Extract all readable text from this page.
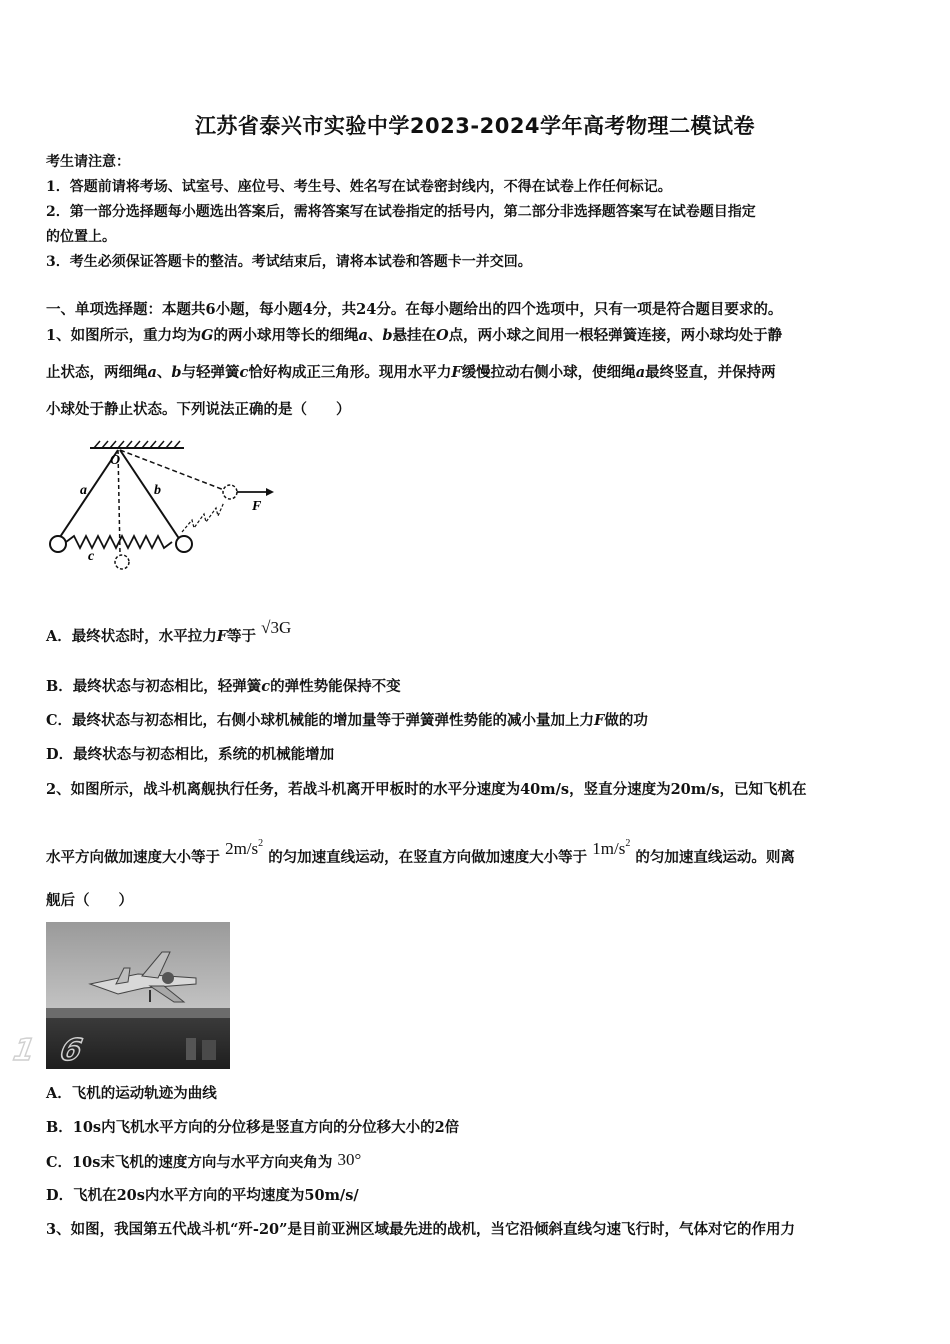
江苏省泰兴市实验中学2023-2024学年高考物理二模试卷
考生请注意：
1．答题前请将考场、试室号、座位号、考生号、姓名写在试卷密封线内，不得在试卷上作任何标记。
2．第一部分选择题每小题选出答案后，需将答案写在试卷指定的括号内，第二部分非选择题答案写在试卷题目指定
的位置上。
3．考生必须保证答题卡的整洁。考试结束后，请将本试卷和答题卡一并交回。
一、单项选择题：本题共6小题，每小题4分，共24分。在每小题给出的四个选项中，只有一项是符合题目要求的。
1、如图所示，重力均为G的两小球用等长的细绳a、b悬挂在O点，两小球之间用一根轻弹簧连接，两小球均处于静
止状态，两细绳a、b与轻弹簧c恰好构成正三角形。现用水平力F缓慢拉动右侧小球，使细绳a最终竖直，并保持两
小球处于静止状态。下列说法正确的是（　　）
O
a	b
c
F
A．最终状态时，水平拉力F等于 √3G
B．最终状态与初态相比，轻弹簧c的弹性势能保持不变
C．最终状态与初态相比，右侧小球机械能的增加量等于弹簧弹性势能的减小量加上力F做的功
D．最终状态与初态相比，系统的机械能增加
2、如图所示，战斗机离舰执行任务，若战斗机离开甲板时的水平分速度为40m/s，竖直分速度为20m/s，已知飞机在
水平方向做加速度大小等于 $2m/s^2$ 的匀加速直线运动，在竖直方向做加速度大小等于 $1m/s^2$ 的匀加速直线运动。则离
舰后（　　）
1 6
A．飞机的运动轨迹为曲线
B．10s内飞机水平方向的分位移是竖直方向的分位移大小的2倍
C．10s末飞机的速度方向与水平方向夹角为 30°
D．飞机在20s内水平方向的平均速度为50m/s/
3、如图，我国第五代战斗机“歼-20”是目前亚洲区域最先进的战机，当它沿倾斜直线匀速飞行时，气体对它的作用力
